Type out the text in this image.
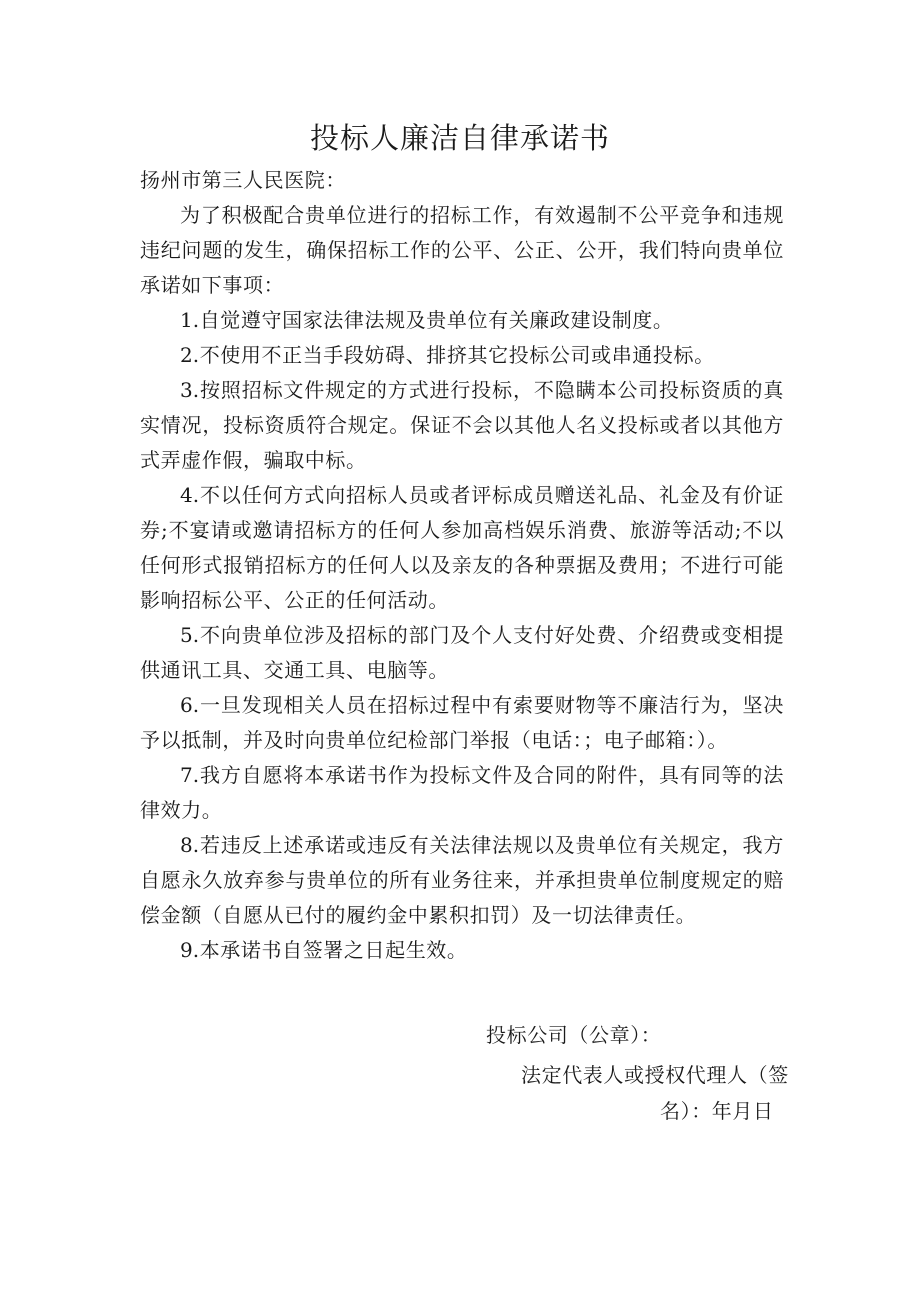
投标人廉洁自律承诺书

扬州市第三人民医院：

为了积极配合贵单位进行的招标工作，有效遏制不公平竞争和违规违纪问题的发生，确保招标工作的公平、公正、公开，我们特向贵单位承诺如下事项：

1.自觉遵守国家法律法规及贵单位有关廉政建设制度。

2.不使用不正当手段妨碍、排挤其它投标公司或串通投标。

3.按照招标文件规定的方式进行投标，不隐瞒本公司投标资质的真实情况，投标资质符合规定。保证不会以其他人名义投标或者以其他方式弄虚作假，骗取中标。

4.不以任何方式向招标人员或者评标成员赠送礼品、礼金及有价证券;不宴请或邀请招标方的任何人参加高档娱乐消费、旅游等活动;不以任何形式报销招标方的任何人以及亲友的各种票据及费用；不进行可能影响招标公平、公正的任何活动。

5.不向贵单位涉及招标的部门及个人支付好处费、介绍费或变相提供通讯工具、交通工具、电脑等。

6.一旦发现相关人员在招标过程中有索要财物等不廉洁行为，坚决予以抵制，并及时向贵单位纪检部门举报（电话：；电子邮箱：）。

7.我方自愿将本承诺书作为投标文件及合同的附件，具有同等的法律效力。

8.若违反上述承诺或违反有关法律法规以及贵单位有关规定，我方自愿永久放弃参与贵单位的所有业务往来，并承担贵单位制度规定的赔偿金额（自愿从已付的履约金中累积扣罚）及一切法律责任。

9.本承诺书自签署之日起生效。

投标公司（公章）：
法定代表人或授权代理人（签
名）：年月日
